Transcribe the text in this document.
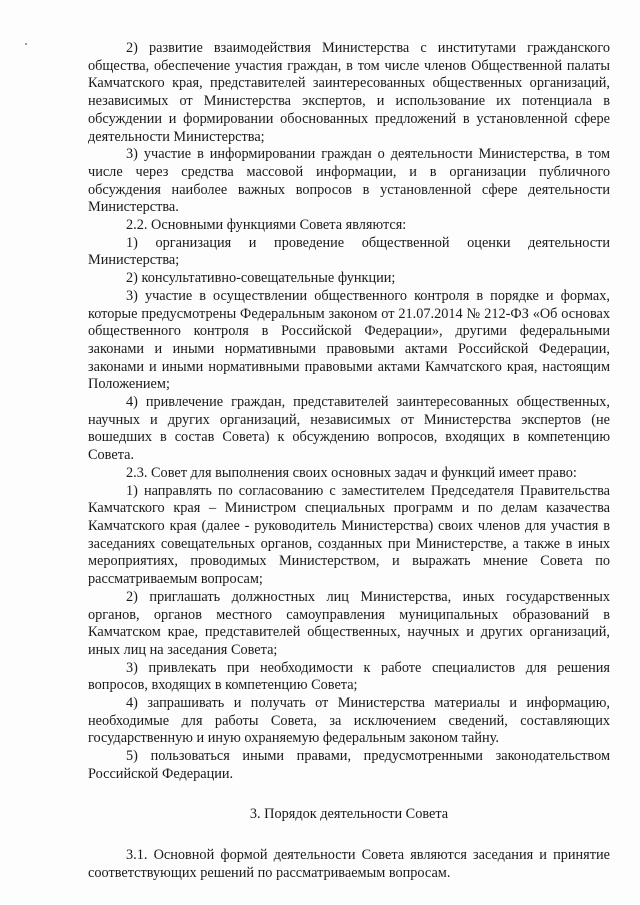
2) развитие взаимодействия Министерства с институтами гражданского общества, обеспечение участия граждан, в том числе членов Общественной палаты Камчатского края, представителей заинтересованных общественных организаций, независимых от Министерства экспертов, и использование их потенциала в обсуждении и формировании обоснованных предложений в установленной сфере деятельности Министерства;

3) участие в информировании граждан о деятельности Министерства, в том числе через средства массовой информации, и в организации публичного обсуждения наиболее важных вопросов в установленной сфере деятельности Министерства.

2.2. Основными функциями Совета являются:

1) организация и проведение общественной оценки деятельности Министерства;

2) консультативно-совещательные функции;

3) участие в осуществлении общественного контроля в порядке и формах, которые предусмотрены Федеральным законом от 21.07.2014 № 212-ФЗ «Об основах общественного контроля в Российской Федерации», другими федеральными законами и иными нормативными правовыми актами Российской Федерации, законами и иными нормативными правовыми актами Камчатского края, настоящим Положением;

4) привлечение граждан, представителей заинтересованных общественных, научных и других организаций, независимых от Министерства экспертов (не вошедших в состав Совета) к обсуждению вопросов, входящих в компетенцию Совета.

2.3. Совет для выполнения своих основных задач и функций имеет право:

1) направлять по согласованию с заместителем Председателя Правительства Камчатского края – Министром специальных программ и по делам казачества Камчатского края (далее - руководитель Министерства) своих членов для участия в заседаниях совещательных органов, созданных при Министерстве, а также в иных мероприятиях, проводимых Министерством, и выражать мнение Совета по рассматриваемым вопросам;

2) приглашать должностных лиц Министерства, иных государственных органов, органов местного самоуправления муниципальных образований в Камчатском крае, представителей общественных, научных и других организаций, иных лиц на заседания Совета;

3) привлекать при необходимости к работе специалистов для решения вопросов, входящих в компетенцию Совета;

4) запрашивать и получать от Министерства материалы и информацию, необходимые для работы Совета, за исключением сведений, составляющих государственную и иную охраняемую федеральным законом тайну.

5) пользоваться иными правами, предусмотренными законодательством Российской Федерации.

3. Порядок деятельности Совета

3.1. Основной формой деятельности Совета являются заседания и принятие соответствующих решений по рассматриваемым вопросам.
